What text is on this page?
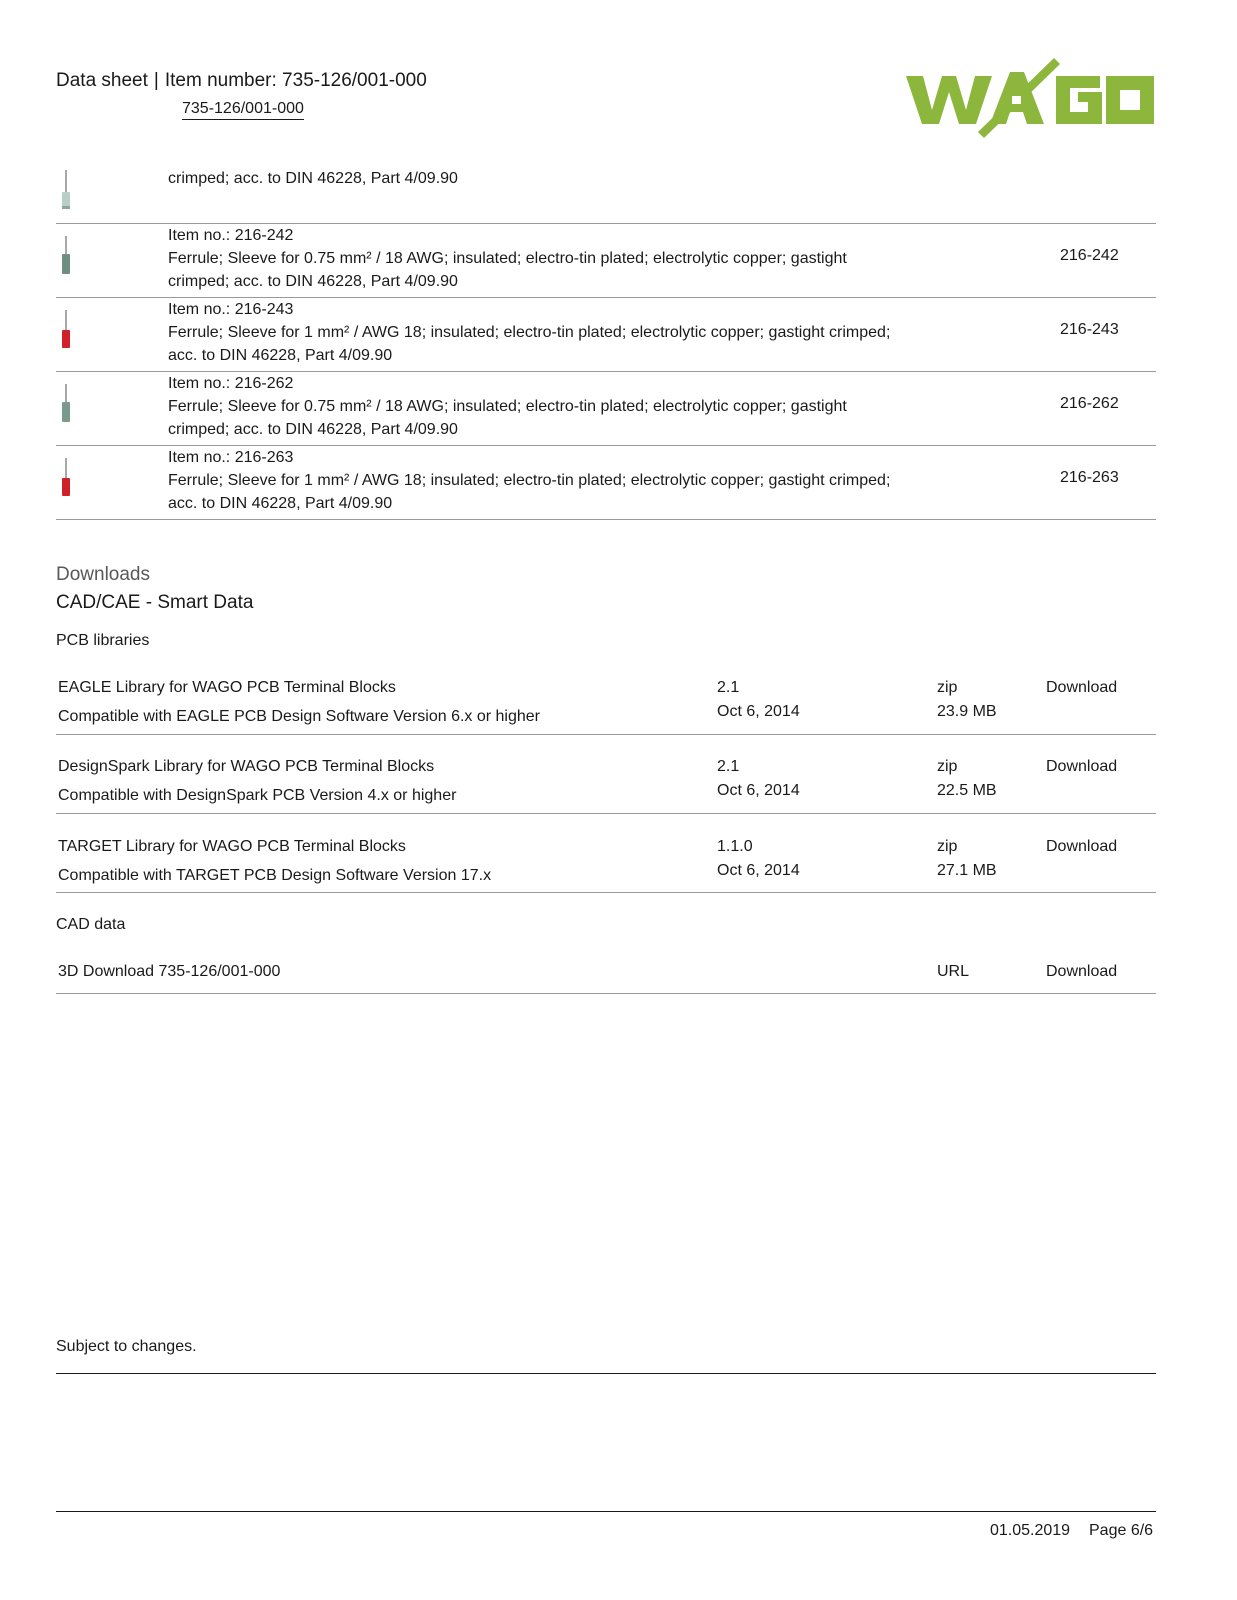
Data sheet | Item number: 735-126/001-000
735-126/001-000
crimped; acc. to DIN 46228, Part 4/09.90
Item no.: 216-242
Ferrule; Sleeve for 0.75 mm² / 18 AWG; insulated; electro-tin plated; electrolytic copper; gastight
crimped; acc. to DIN 46228, Part 4/09.90
216-242
Item no.: 216-243
Ferrule; Sleeve for 1 mm² / AWG 18; insulated; electro-tin plated; electrolytic copper; gastight crimped;
acc. to DIN 46228, Part 4/09.90
216-243
Item no.: 216-262
Ferrule; Sleeve for 0.75 mm² / 18 AWG; insulated; electro-tin plated; electrolytic copper; gastight
crimped; acc. to DIN 46228, Part 4/09.90
216-262
Item no.: 216-263
Ferrule; Sleeve for 1 mm² / AWG 18; insulated; electro-tin plated; electrolytic copper; gastight crimped;
acc. to DIN 46228, Part 4/09.90
216-263
Downloads
CAD/CAE - Smart Data
PCB libraries
EAGLE Library for WAGO PCB Terminal Blocks
Compatible with EAGLE PCB Design Software Version 6.x or higher
2.1
Oct 6, 2014
zip
23.9 MB
Download
DesignSpark Library for WAGO PCB Terminal Blocks
Compatible with DesignSpark PCB Version 4.x or higher
2.1
Oct 6, 2014
zip
22.5 MB
Download
TARGET Library for WAGO PCB Terminal Blocks
Compatible with TARGET PCB Design Software Version 17.x
1.1.0
Oct 6, 2014
zip
27.1 MB
Download
CAD data
3D Download 735-126/001-000	URL	Download
Subject to changes.
01.05.2019 Page 6/6
